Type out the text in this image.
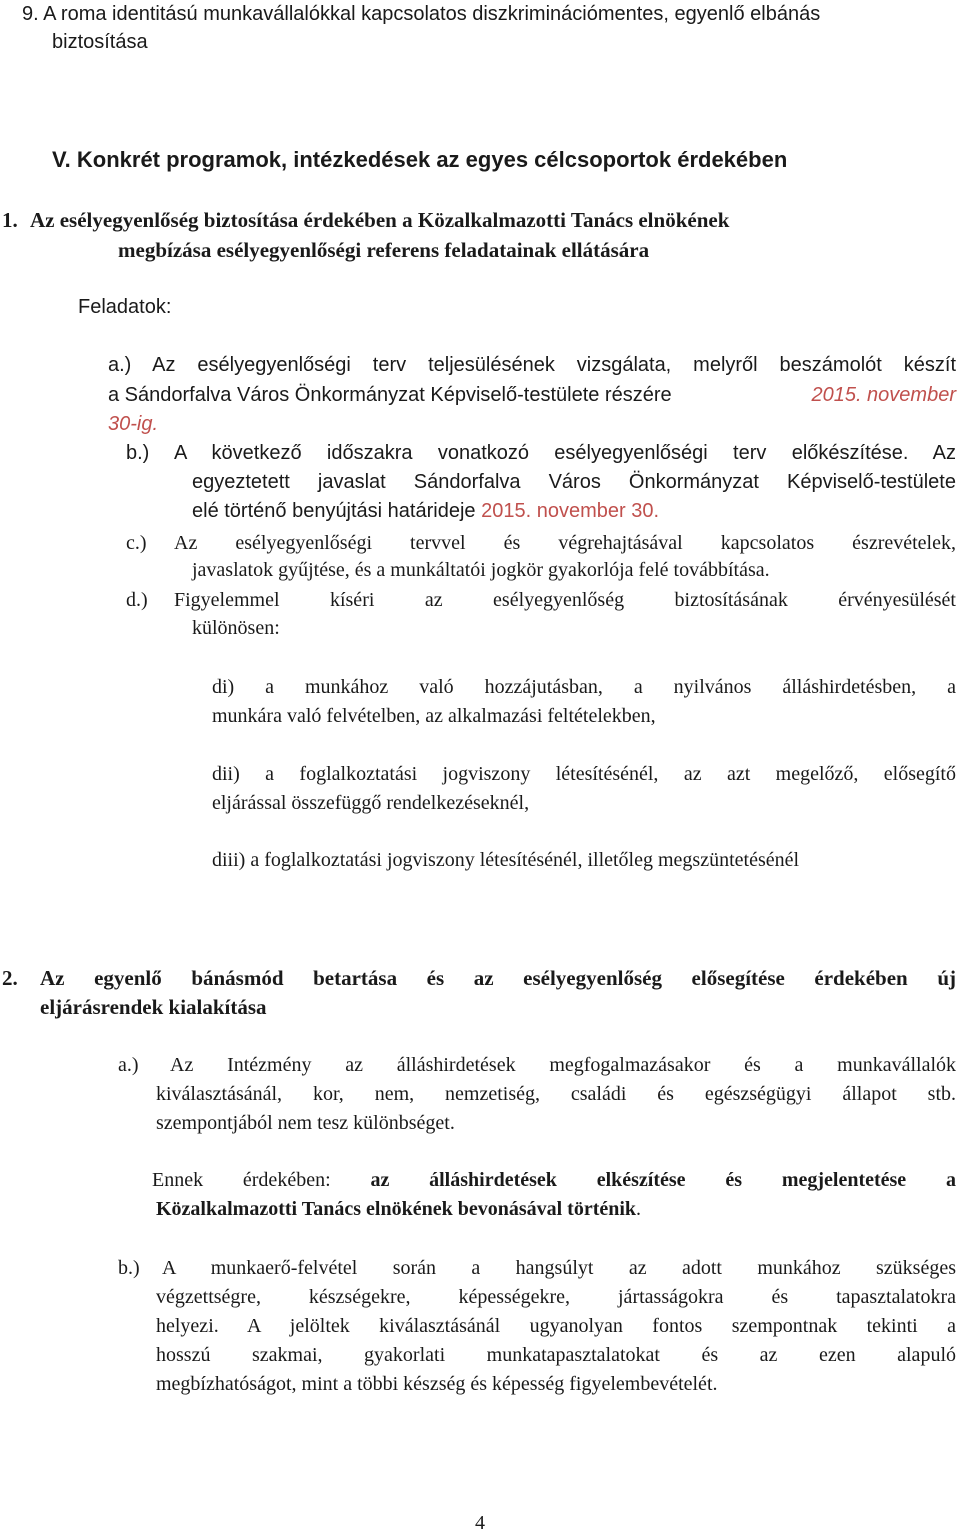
9. A roma identitású munkavállalókkal kapcsolatos diszkriminációmentes, egyenlő elbánás
biztosítása
V. Konkrét programok, intézkedések az egyes célcsoportok érdekében
1. Az esélyegyenlőség biztosítása érdekében a Közalkalmazotti Tanács elnökének
megbízása esélyegyenlőségi referens feladatainak ellátására
Feladatok:
a.) Az esélyegyenlőségi terv teljesülésének vizsgálata, melyről beszámolót készít
a Sándorfalva Város Önkormányzat Képviselő-testülete részére	2015. november
30-ig.
b.) A következő időszakra vonatkozó esélyegyenlőségi terv előkészítése. Az
egyeztetett javaslat Sándorfalva Város Önkormányzat Képviselő-testülete
elé történő benyújtási határideje 2015. november 30.
c.) Az esélyegyenlőségi tervvel és végrehajtásával kapcsolatos észrevételek,
javaslatok gyűjtése, és a munkáltatói jogkör gyakorlója felé továbbítása.
d.) Figyelemmel kíséri az esélyegyenlőség biztosításának érvényesülését
különösen:
di) a munkához való hozzájutásban, a nyilvános álláshirdetésben, a
munkára való felvételben, az alkalmazási feltételekben,
dii) a foglalkoztatási jogviszony létesítésénél, az azt megelőző, elősegítő
eljárással összefüggő rendelkezéseknél,
diii) a foglalkoztatási jogviszony létesítésénél, illetőleg megszüntetésénél
2. Az egyenlő bánásmód betartása és az esélyegyenlőség elősegítése érdekében új
eljárásrendek kialakítása
a.) Az Intézmény az álláshirdetések megfogalmazásakor és a munkavállalók
kiválasztásánál, kor, nem, nemzetiség, családi és egészségügyi állapot stb.
szempontjából nem tesz különbséget.
Ennek érdekében: az álláshirdetések elkészítése és megjelentetése a
Közalkalmazotti Tanács elnökének bevonásával történik.
b.) A munkaerő-felvétel során a hangsúlyt az adott munkához szükséges
végzettségre, készségekre, képességekre, jártasságokra és tapasztalatokra
helyezi. A jelöltek kiválasztásánál ugyanolyan fontos szempontnak tekinti a
hosszú szakmai, gyakorlati munkatapasztalatokat és az ezen alapuló
megbízhatóságot, mint a többi készség és képesség figyelembevételét.
4
